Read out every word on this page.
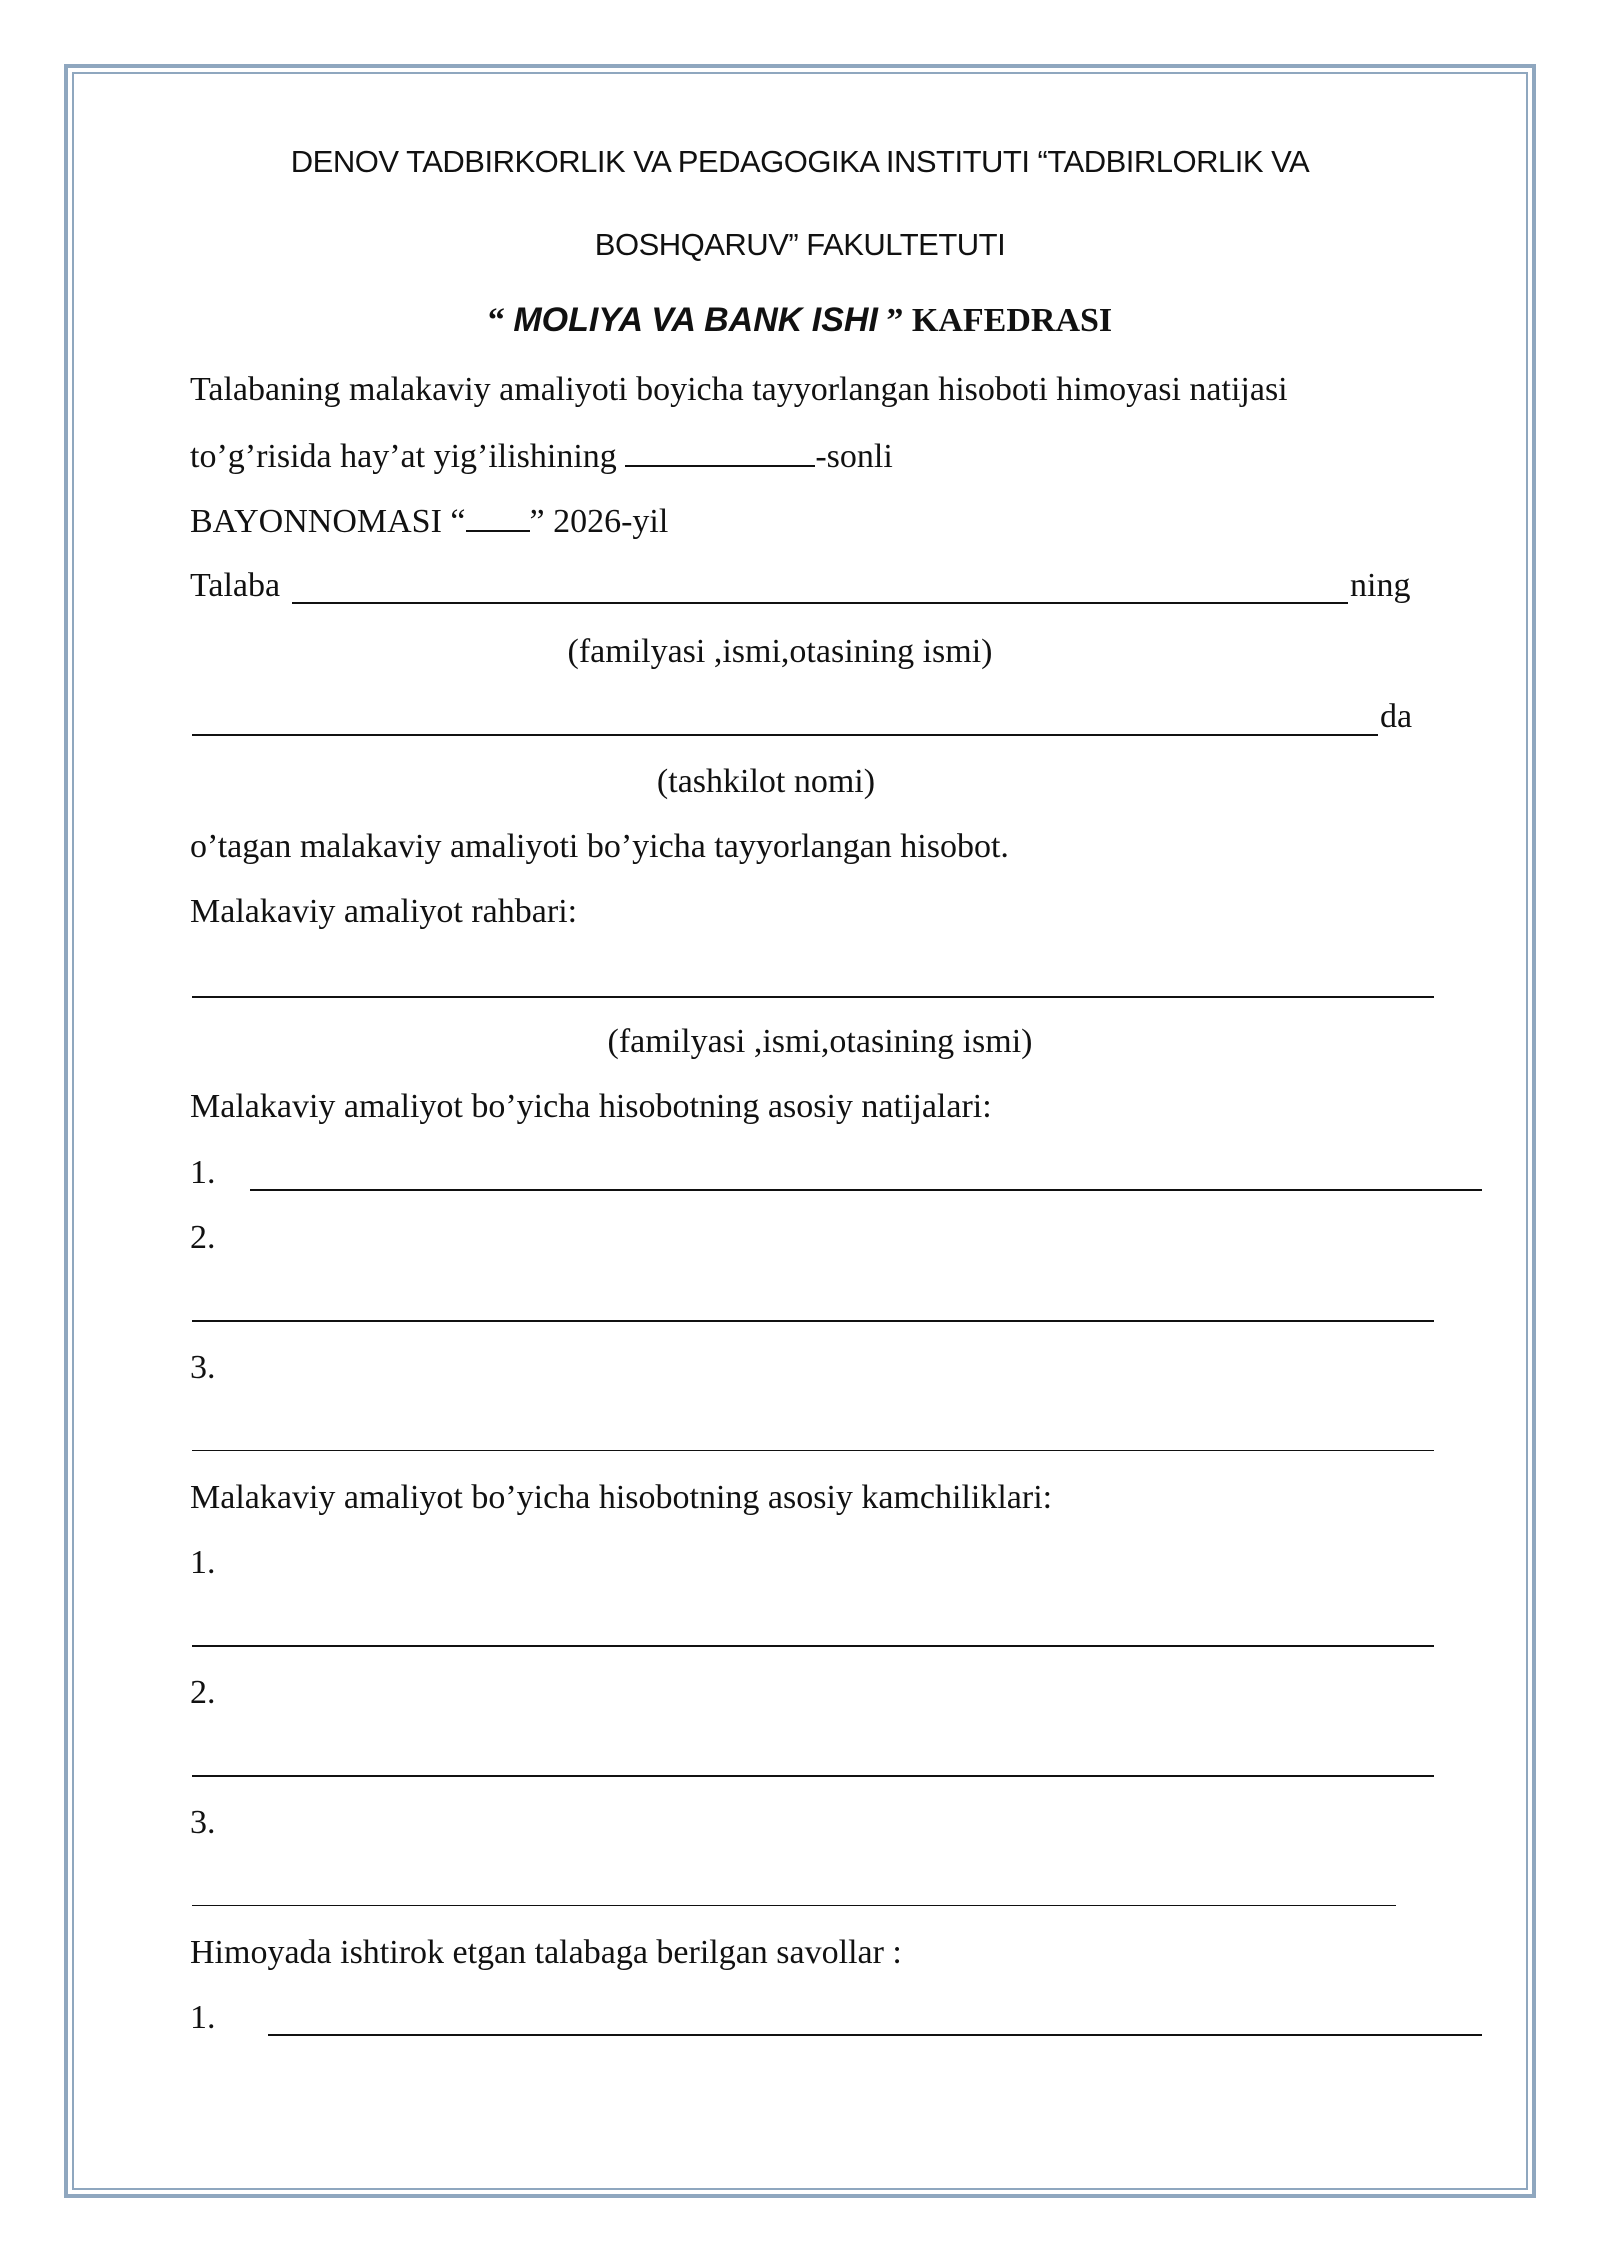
DENOV TADBIRKORLIK VA PEDAGOGIKA INSTITUTI “TADBIRLORLIK VA
BOSHQARUV” FAKULTETUTI
“ MOLIYA VA BANK ISHI ” KAFEDRASI
Talabaning malakaviy amaliyoti boyicha tayyorlangan hisoboti himoyasi natijasi
to’g’risida hay’at yig’ilishining	-sonli
BAYONNOMASI “ ” 2026-yil
Talaba	ning
(familyasi ,ismi,otasining ismi)
da
(tashkilot nomi)
o’tagan malakaviy amaliyoti bo’yicha tayyorlangan hisobot.
Malakaviy amaliyot rahbari:
(familyasi ,ismi,otasining ismi)
Malakaviy amaliyot bo’yicha hisobotning asosiy natijalari:
1.
2.
3.
Malakaviy amaliyot bo’yicha hisobotning asosiy kamchiliklari:
1.
2.
3.
Himoyada ishtirok etgan talabaga berilgan savollar :
1.
